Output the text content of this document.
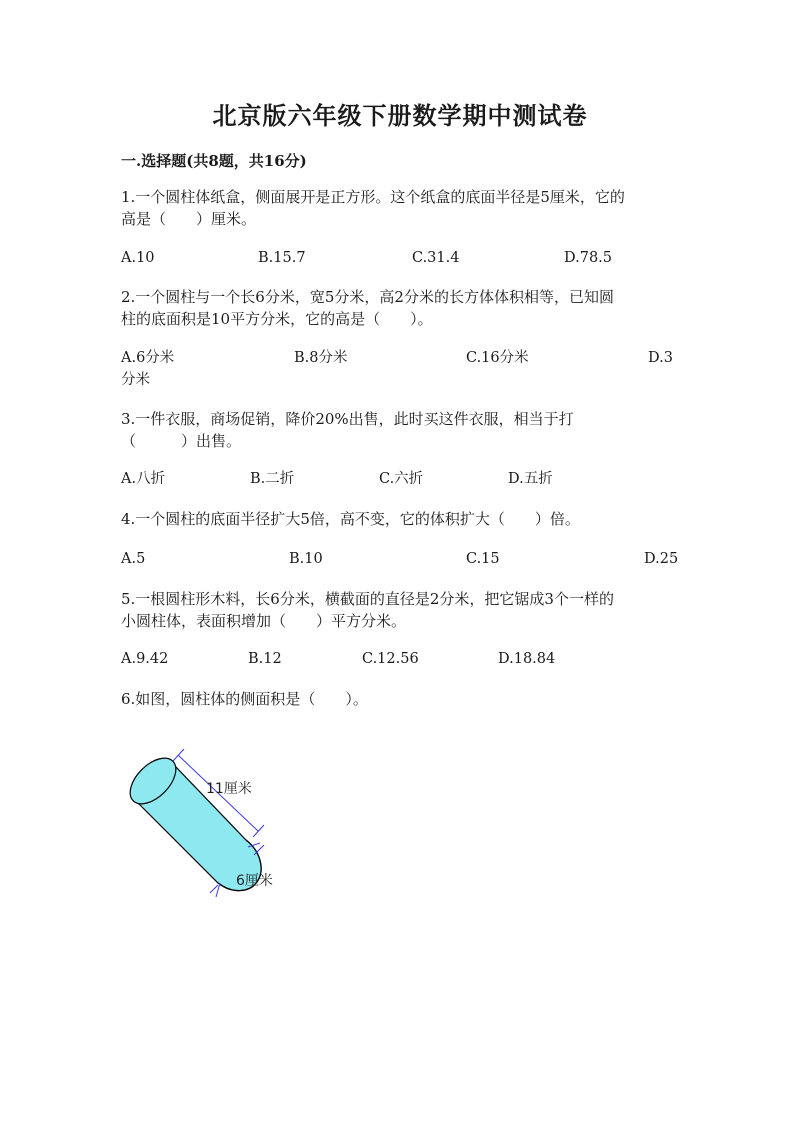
北京版六年级下册数学期中测试卷
一.选择题(共8题，共16分)
1.一个圆柱体纸盒，侧面展开是正方形。这个纸盒的底面半径是5厘米，它的
高是（　　）厘米。
A.10	B.15.7	C.31.4	D.78.5
2.一个圆柱与一个长6分米，宽5分米，高2分米的长方体体积相等，已知圆
柱的底面积是10平方分米，它的高是（　　）。
A.6分米	B.8分米	C.16分米	D.3
分米
3.一件衣服，商场促销，降价20%出售，此时买这件衣服，相当于打
（　　　）出售。
A.八折	B.二折	C.六折	D.五折
4.一个圆柱的底面半径扩大5倍，高不变，它的体积扩大（　　）倍。
A.5	B.10	C.15	D.25
5.一根圆柱形木料，长6分米，横截面的直径是2分米，把它锯成3个一样的
小圆柱体，表面积增加（　　）平方分米。
A.9.42	B.12	C.12.56	D.18.84
6.如图，圆柱体的侧面积是（　　）。
11厘米
6厘米
